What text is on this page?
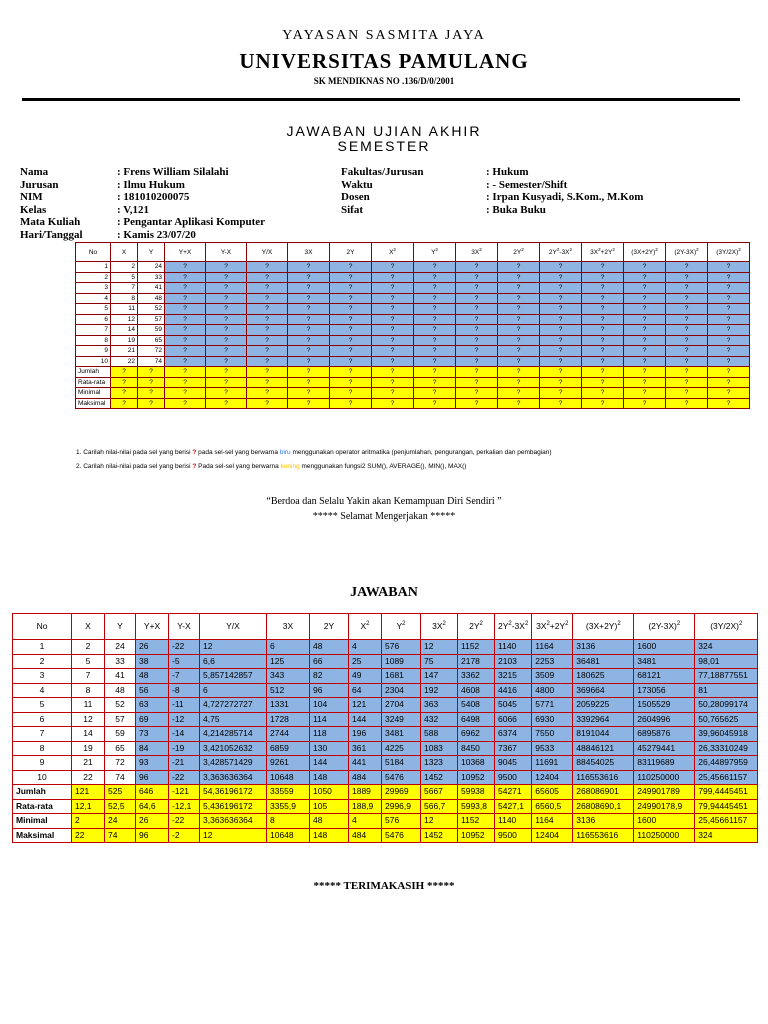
YAYASAN SASMITA JAYA
UNIVERSITAS PAMULANG
SK MENDIKNAS NO .136/D/0/2001
JAWABAN UJIAN AKHIR
SEMESTER
Nama	: Frens William Silalahi
Jurusan	: Ilmu Hukum
NIM	: 181010200075
Kelas	: V,121
Mata Kuliah	: Pengantar Aplikasi Komputer
Hari/Tanggal	: Kamis 23/07/20
Fakultas/Jurusan	: Hukum
Waktu	: - Semester/Shift
Dosen	: Irpan Kusyadi, S.Kom., M.Kom
Sifat	: Buka Buku
No	X	Y	Y+X	Y-X	Y/X	3X	2Y	$X^2$	$Y^2$	$3X^2$	$2Y^2$	$2Y^2-3X^2$	$3X^2+2Y^2$	$(3X+2Y)^2$	$(2Y-3X)^2$	$(3Y/2X)^2$
1	2	24	?	?	?	?	?	?	?	?	?	?	?	?	?	?
2	5	33	?	?	?	?	?	?	?	?	?	?	?	?	?	?
3	7	41	?	?	?	?	?	?	?	?	?	?	?	?	?	?
4	8	48	?	?	?	?	?	?	?	?	?	?	?	?	?	?
5	11	52	?	?	?	?	?	?	?	?	?	?	?	?	?	?
6	12	57	?	?	?	?	?	?	?	?	?	?	?	?	?	?
7	14	59	?	?	?	?	?	?	?	?	?	?	?	?	?	?
8	19	65	?	?	?	?	?	?	?	?	?	?	?	?	?	?
9	21	72	?	?	?	?	?	?	?	?	?	?	?	?	?	?
10	22	74	?	?	?	?	?	?	?	?	?	?	?	?	?	?
Jumlah	?	?	?	?	?	?	?	?	?	?	?	?	?	?	?	?
Rata-rata	?	?	?	?	?	?	?	?	?	?	?	?	?	?	?	?
Minimal	?	?	?	?	?	?	?	?	?	?	?	?	?	?	?	?
Maksimal	?	?	?	?	?	?	?	?	?	?	?	?	?	?	?	?
1. Carilah nilai-nilai pada sel yang berisi ? pada sel-sel yang berwarna biru menggunakan operator aritmatika (penjumlahan, pengurangan, perkalian dan pembagian)
2. Carilah nilai-nilai pada sel yang berisi ? Pada sel-sel yang berwarna kuning menggunakan fungsi2 SUM(), AVERAGE(), MIN(), MAX()
“Berdoa dan Selalu Yakin akan Kemampuan Diri Sendiri ”
***** Selamat Mengerjakan *****
JAWABAN
No	X	Y	Y+X	Y-X	Y/X	3X	2Y	$X^2$	$Y^2$	$3X^2$	$2Y^2$	$2Y^2-3X^2$	$3X^2+2Y^2$	$(3X+2Y)^2$	$(2Y-3X)^2$	$(3Y/2X)^2$
1	2	24	26	-22	12	6	48	4	576	12	1152	1140	1164	3136	1600	324
2	5	33	38	-5	6,6	125	66	25	1089	75	2178	2103	2253	36481	3481	98,01
3	7	41	48	-7	5,857142857	343	82	49	1681	147	3362	3215	3509	180625	68121	77,18877551
4	8	48	56	-8	6	512	96	64	2304	192	4608	4416	4800	369664	173056	81
5	11	52	63	-11	4,727272727	1331	104	121	2704	363	5408	5045	5771	2059225	1505529	50,28099174
6	12	57	69	-12	4,75	1728	114	144	3249	432	6498	6066	6930	3392964	2604996	50,765625
7	14	59	73	-14	4,214285714	2744	118	196	3481	588	6962	6374	7550	8191044	6895876	39,96045918
8	19	65	84	-19	3,421052632	6859	130	361	4225	1083	8450	7367	9533	48846121	45279441	26,33310249
9	21	72	93	-21	3,428571429	9261	144	441	5184	1323	10368	9045	11691	88454025	83119689	26,44897959
10	22	74	96	-22	3,363636364	10648	148	484	5476	1452	10952	9500	12404	116553616	110250000	25,45661157
Jumlah	121	525	646	-121	54,36196172	33559	1050	1889	29969	5667	59938	54271	65605	268086901	249901789	799,4445451
Rata-rata	12,1	52,5	64,6	-12,1	5,436196172	3355,9	105	188,9	2996,9	566,7	5993,8	5427,1	6560,5	26808690,1	24990178,9	79,94445451
Minimal	2	24	26	-22	3,363636364	8	48	4	576	12	1152	1140	1164	3136	1600	25,45661157
Maksimal	22	74	96	-2	12	10648	148	484	5476	1452	10952	9500	12404	116553616	110250000	324
***** TERIMAKASIH *****
